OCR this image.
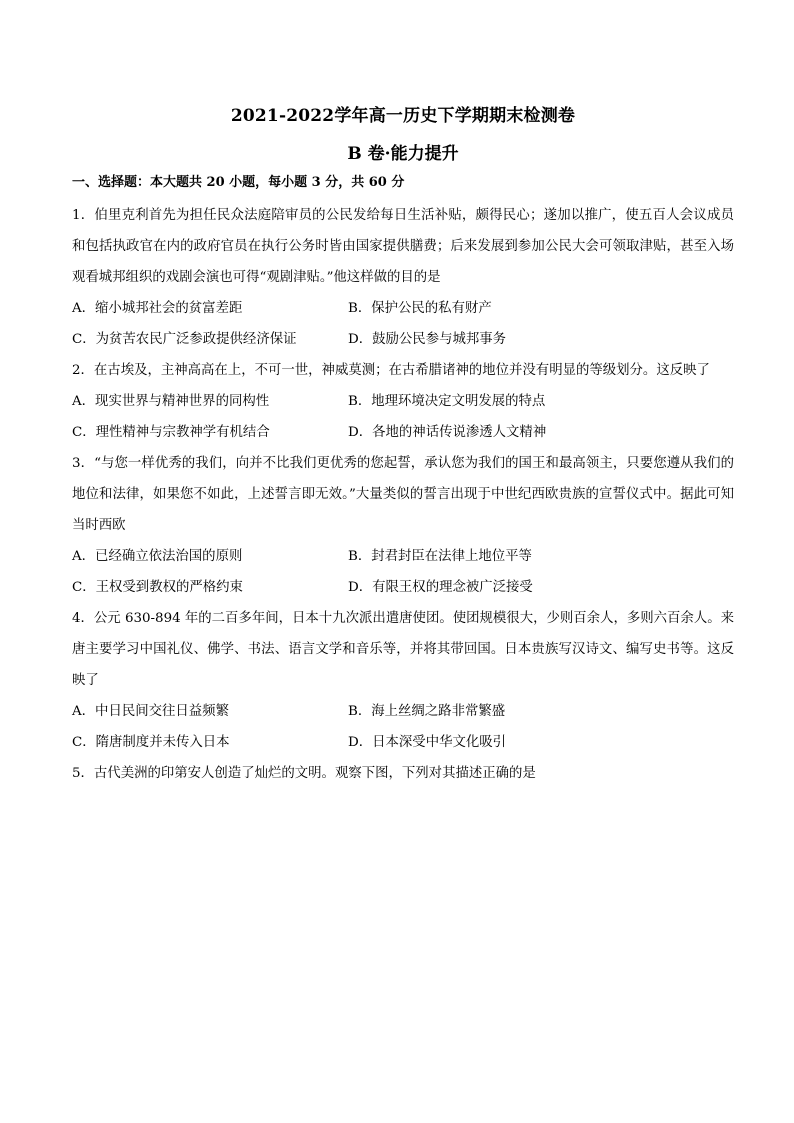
2021-2022学年高一历史下学期期末检测卷
B 卷·能力提升
一、选择题：本大题共 20 小题，每小题 3 分，共 60 分

1．伯里克利首先为担任民众法庭陪审员的公民发给每日生活补贴，颇得民心；遂加以推广，使五百人会议成员和包括执政官在内的政府官员在执行公务时皆由国家提供膳费；后来发展到参加公民大会可领取津贴，甚至入场观看城邦组织的戏剧会演也可得“观剧津贴。”他这样做的目的是

A．缩小城邦社会的贫富差距	B．保护公民的私有财产
C．为贫苦农民广泛参政提供经济保证	D．鼓励公民参与城邦事务

2．在古埃及，主神高高在上，不可一世，神威莫测；在古希腊诸神的地位并没有明显的等级划分。这反映了

A．现实世界与精神世界的同构性	B．地理环境决定文明发展的特点
C．理性精神与宗教神学有机结合	D．各地的神话传说渗透人文精神

3．“与您一样优秀的我们，向并不比我们更优秀的您起誓，承认您为我们的国王和最高领主，只要您遵从我们的地位和法律，如果您不如此，上述誓言即无效。”大量类似的誓言出现于中世纪西欧贵族的宣誓仪式中。据此可知当时西欧

A．已经确立依法治国的原则	B．封君封臣在法律上地位平等
C．王权受到教权的严格约束	D．有限王权的理念被广泛接受

4．公元 630-894 年的二百多年间，日本十九次派出遣唐使团。使团规模很大，少则百余人，多则六百余人。来唐主要学习中国礼仪、佛学、书法、语言文学和音乐等，并将其带回国。日本贵族写汉诗文、编写史书等。这反映了

A．中日民间交往日益频繁	B．海上丝绸之路非常繁盛
C．隋唐制度并未传入日本	D．日本深受中华文化吸引

5．古代美洲的印第安人创造了灿烂的文明。观察下图，下列对其描述正确的是
